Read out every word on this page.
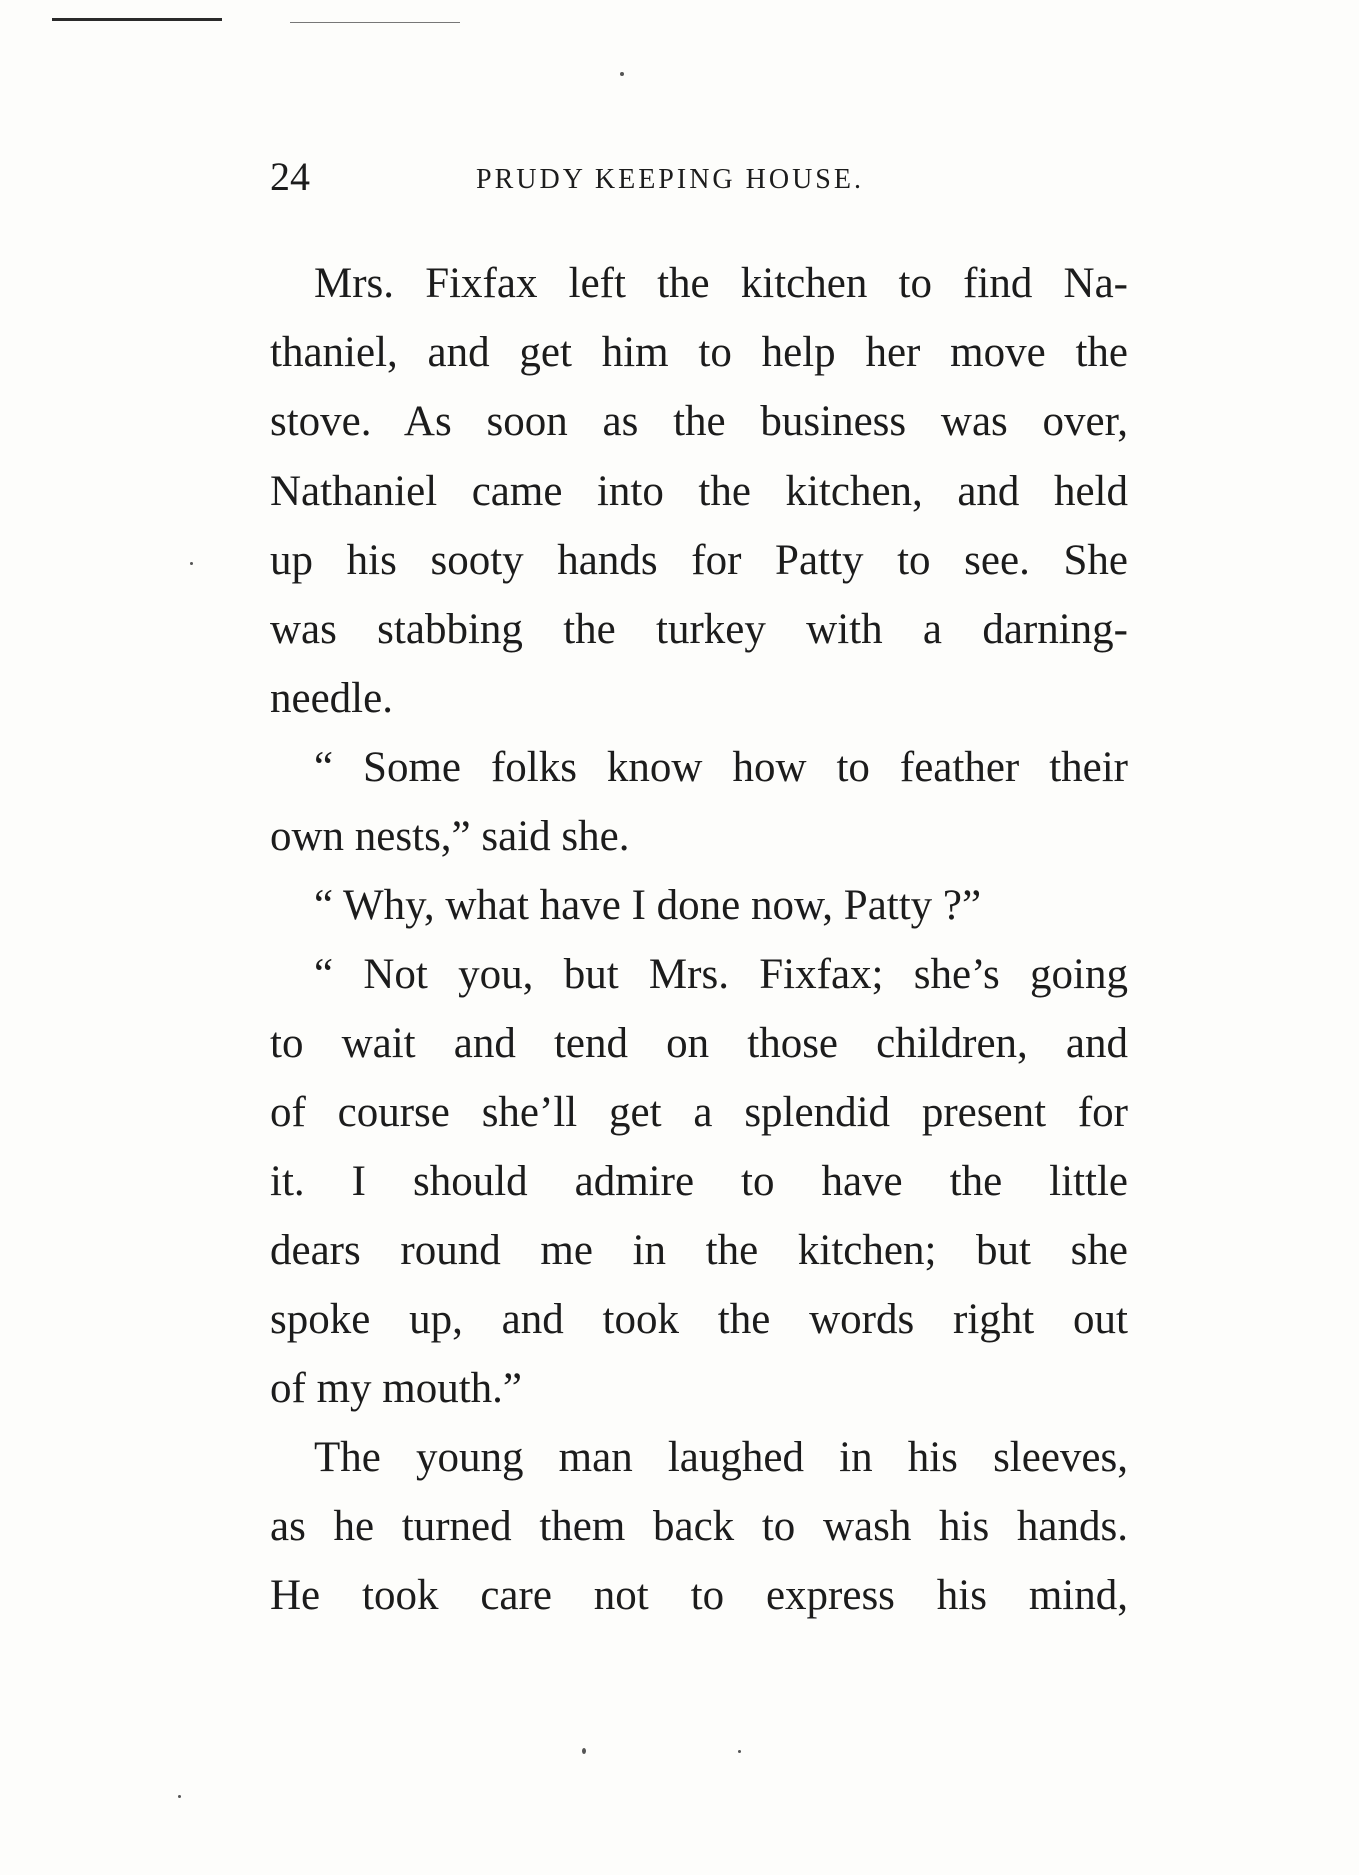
24	PRUDY KEEPING HOUSE.
Mrs. Fixfax left the kitchen to find Na-
thaniel, and get him to help her move the
stove. As soon as the business was over,
Nathaniel came into the kitchen, and held
up his sooty hands for Patty to see. She
was stabbing the turkey with a darning-
needle.
“ Some folks know how to feather their
own nests,” said she.
“ Why, what have I done now, Patty ?”
“ Not you, but Mrs. Fixfax; she’s going
to wait and tend on those children, and
of course she’ll get a splendid present for
it. I should admire to have the little
dears round me in the kitchen; but she
spoke up, and took the words right out
of my mouth.”
The young man laughed in his sleeves,
as he turned them back to wash his hands.
He took care not to express his mind,
